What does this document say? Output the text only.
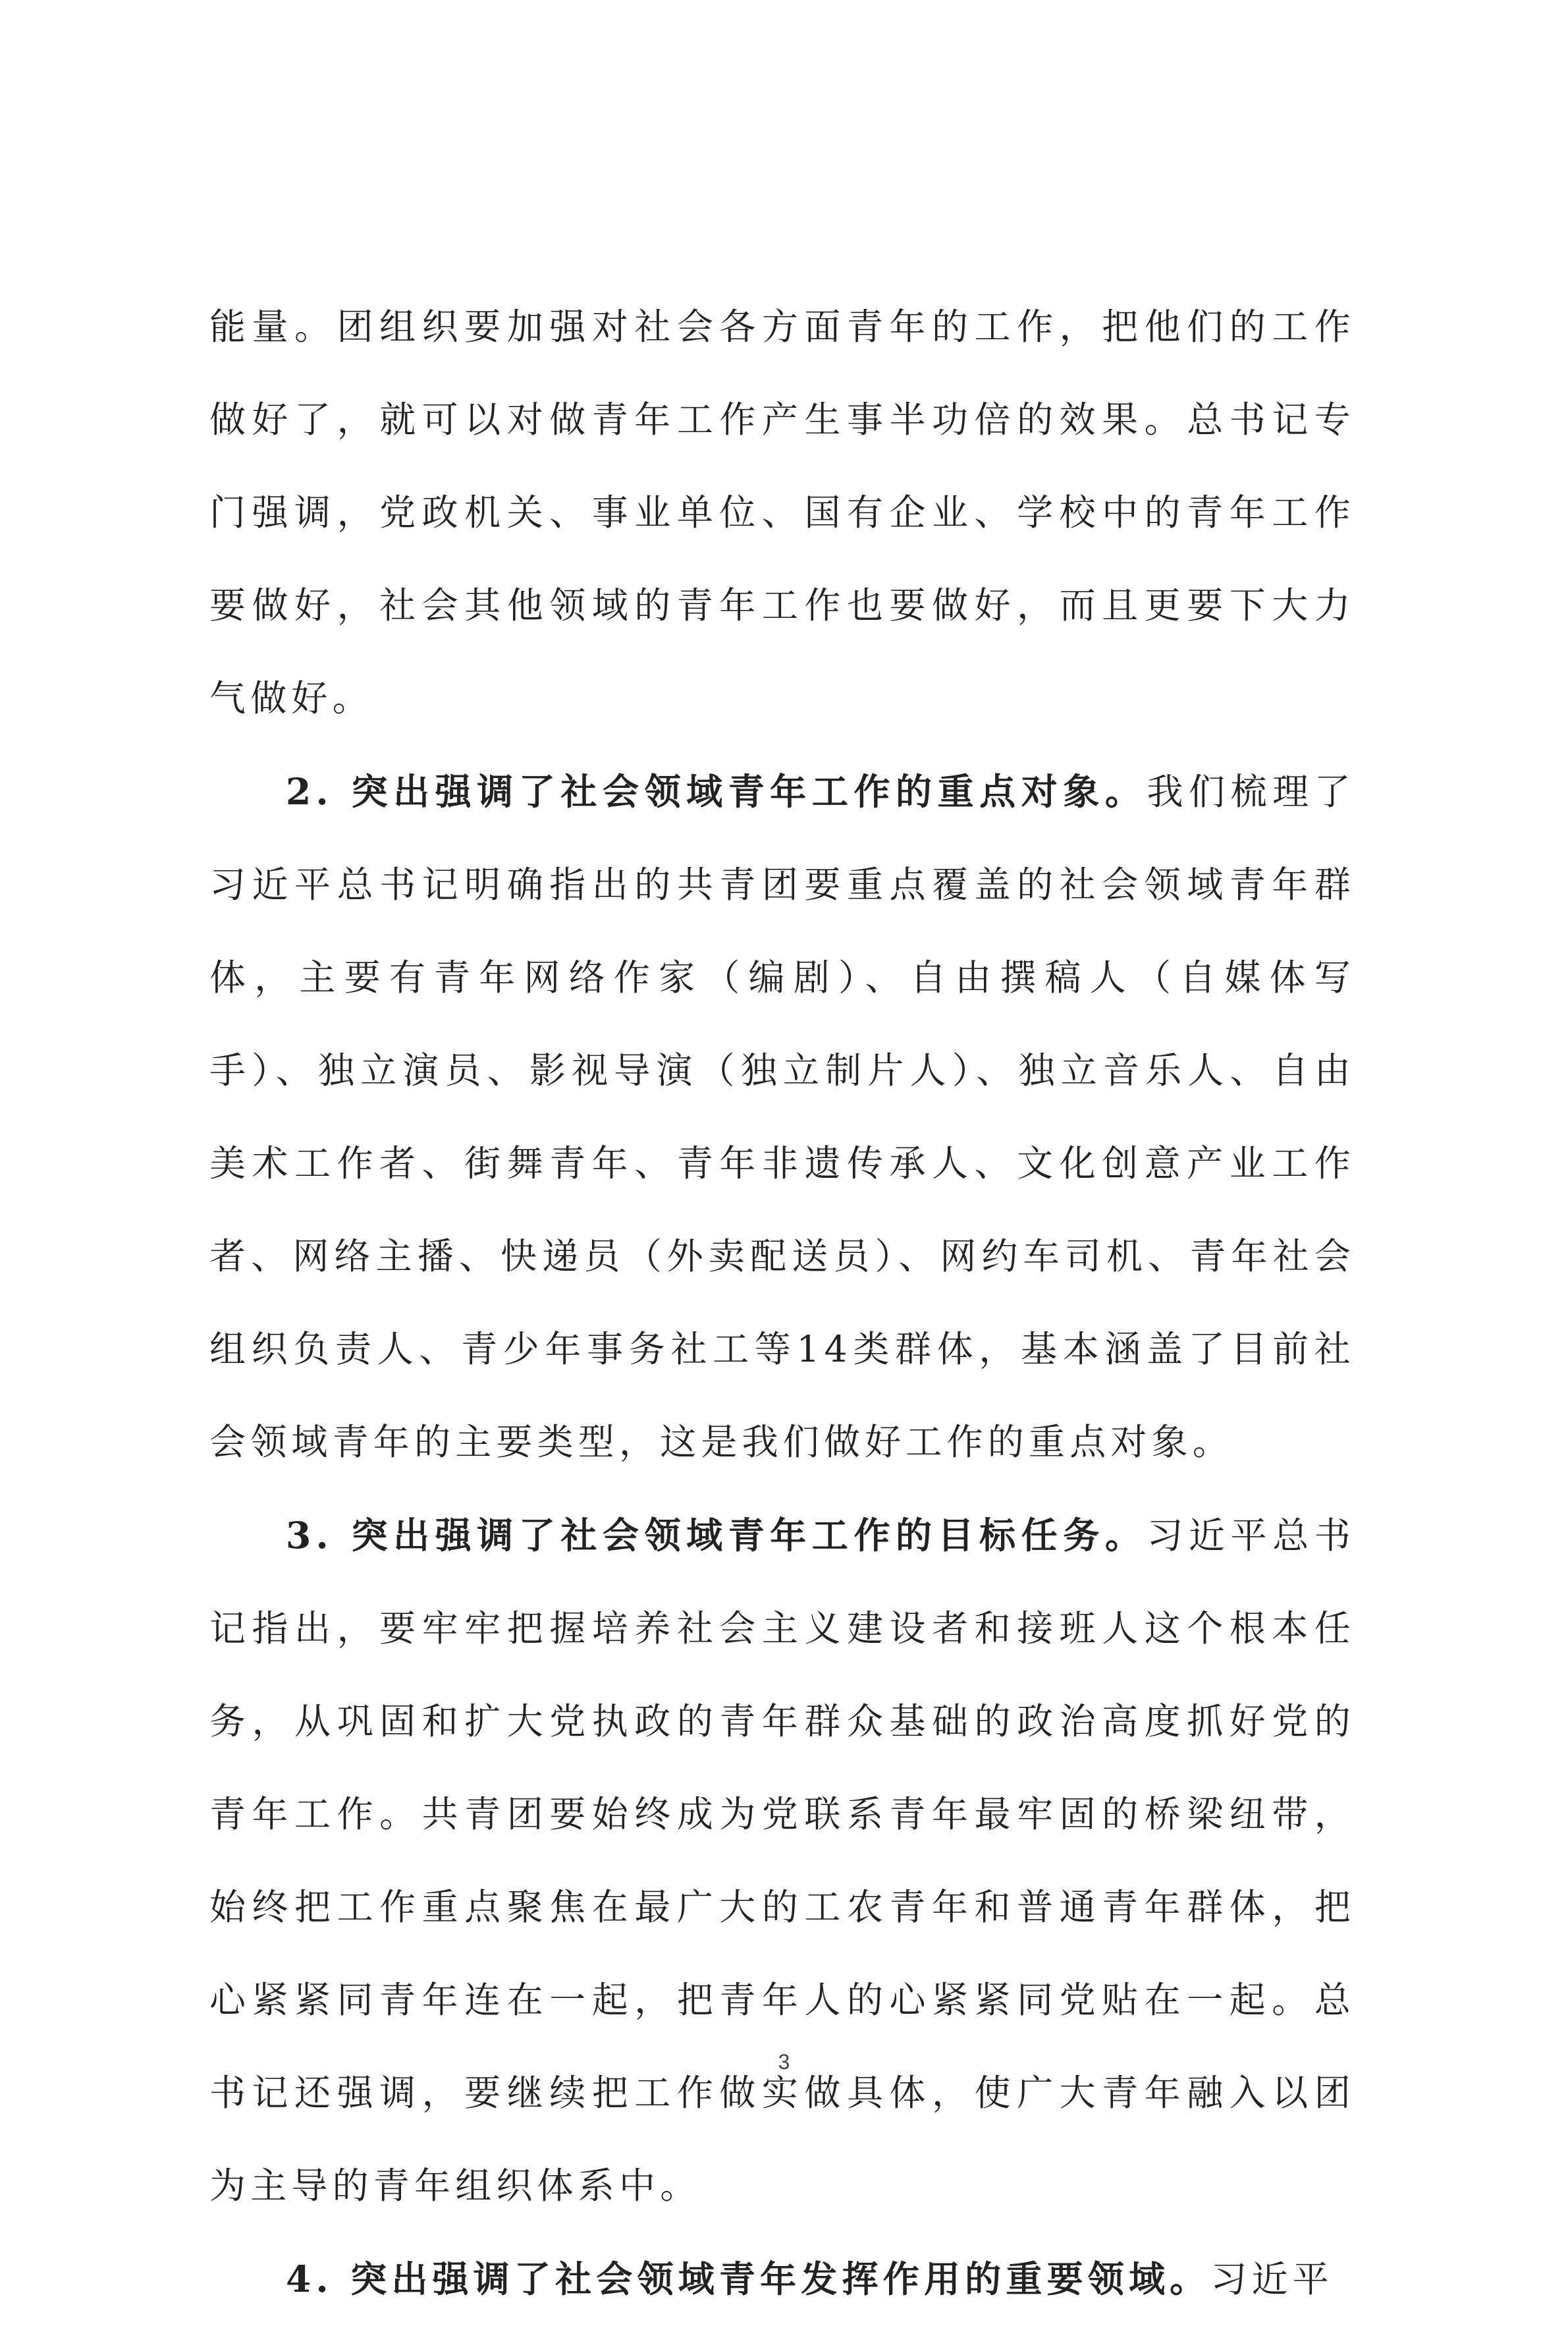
能量。团组织要加强对社会各方面青年的工作，把他们的工作做好了，就可以对做青年工作产生事半功倍的效果。总书记专门强调，党政机关、事业单位、国有企业、学校中的青年工作要做好，社会其他领域的青年工作也要做好，而且更要下大力气做好。

2. 突出强调了社会领域青年工作的重点对象。我们梳理了习近平总书记明确指出的共青团要重点覆盖的社会领域青年群体，主要有青年网络作家（编剧）、自由撰稿人（自媒体写手）、独立演员、影视导演（独立制片人）、独立音乐人、自由美术工作者、街舞青年、青年非遗传承人、文化创意产业工作者、网络主播、快递员（外卖配送员）、网约车司机、青年社会组织负责人、青少年事务社工等14类群体，基本涵盖了目前社会领域青年的主要类型，这是我们做好工作的重点对象。

3. 突出强调了社会领域青年工作的目标任务。习近平总书记指出，要牢牢把握培养社会主义建设者和接班人这个根本任务，从巩固和扩大党执政的青年群众基础的政治高度抓好党的青年工作。共青团要始终成为党联系青年最牢固的桥梁纽带，始终把工作重点聚焦在最广大的工农青年和普通青年群体，把心紧紧同青年连在一起，把青年人的心紧紧同党贴在一起。总书记还强调，要继续把工作做实做具体，使广大青年融入以团为主导的青年组织体系中。

4. 突出强调了社会领域青年发挥作用的重要领域。习近平

3
